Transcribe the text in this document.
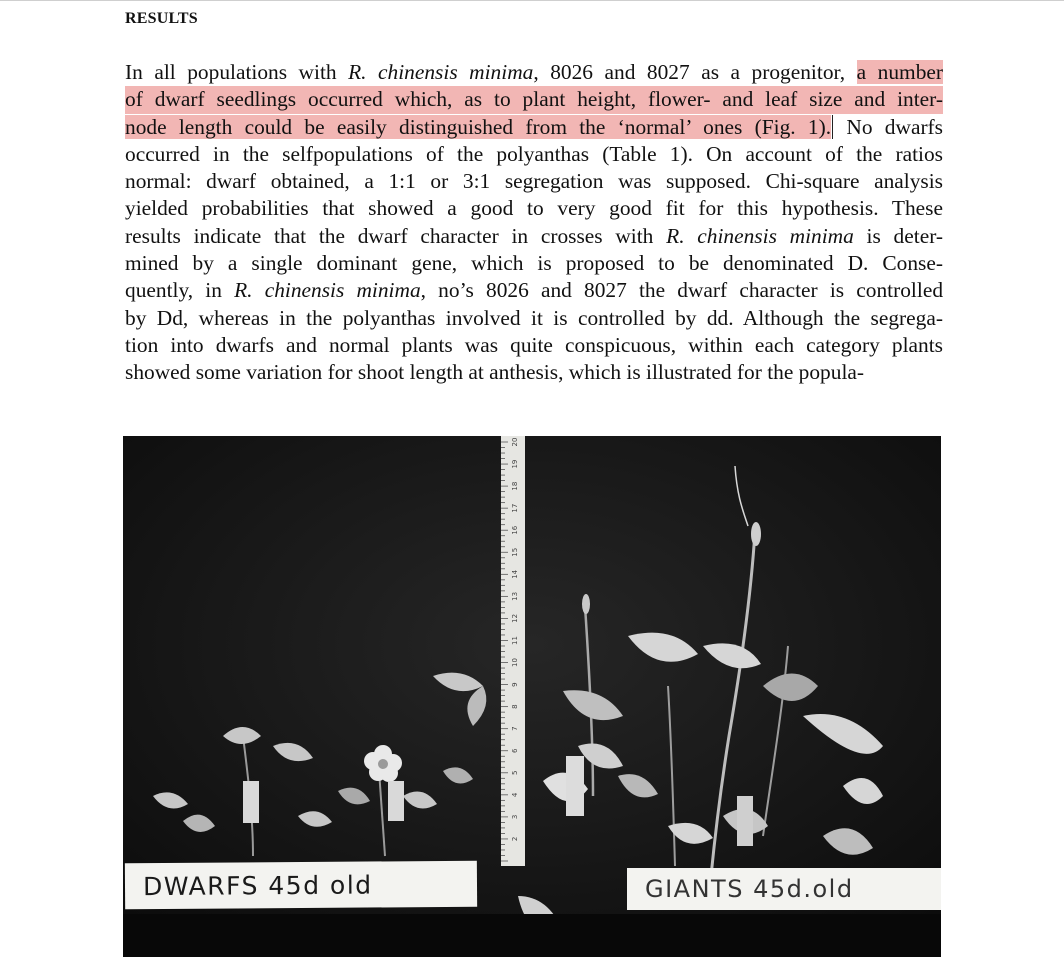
RESULTS
In all populations with R. chinensis minima, 8026 and 8027 as a progenitor, a number
of dwarf seedlings occurred which, as to plant height, flower- and leaf size and inter-
node length could be easily distinguished from the ‘normal’ ones (Fig. 1). No dwarfs
occurred in the selfpopulations of the polyanthas (Table 1). On account of the ratios
normal: dwarf obtained, a 1:1 or 3:1 segregation was supposed. Chi-square analysis
yielded probabilities that showed a good to very good fit for this hypothesis. These
results indicate that the dwarf character in crosses with R. chinensis minima is deter-
mined by a single dominant gene, which is proposed to be denominated D. Conse-
quently, in R. chinensis minima, no’s 8026 and 8027 the dwarf character is controlled
by Dd, whereas in the polyanthas involved it is controlled by dd. Although the segrega-
tion into dwarfs and normal plants was quite conspicuous, within each category plants
showed some variation for shoot length at anthesis, which is illustrated for the popula-
2
3
4
5
6
7
8
9
10
11
12
13
14
15
16
17
18
19
20
DWARFS 45d old	GIANTS 45d.old
